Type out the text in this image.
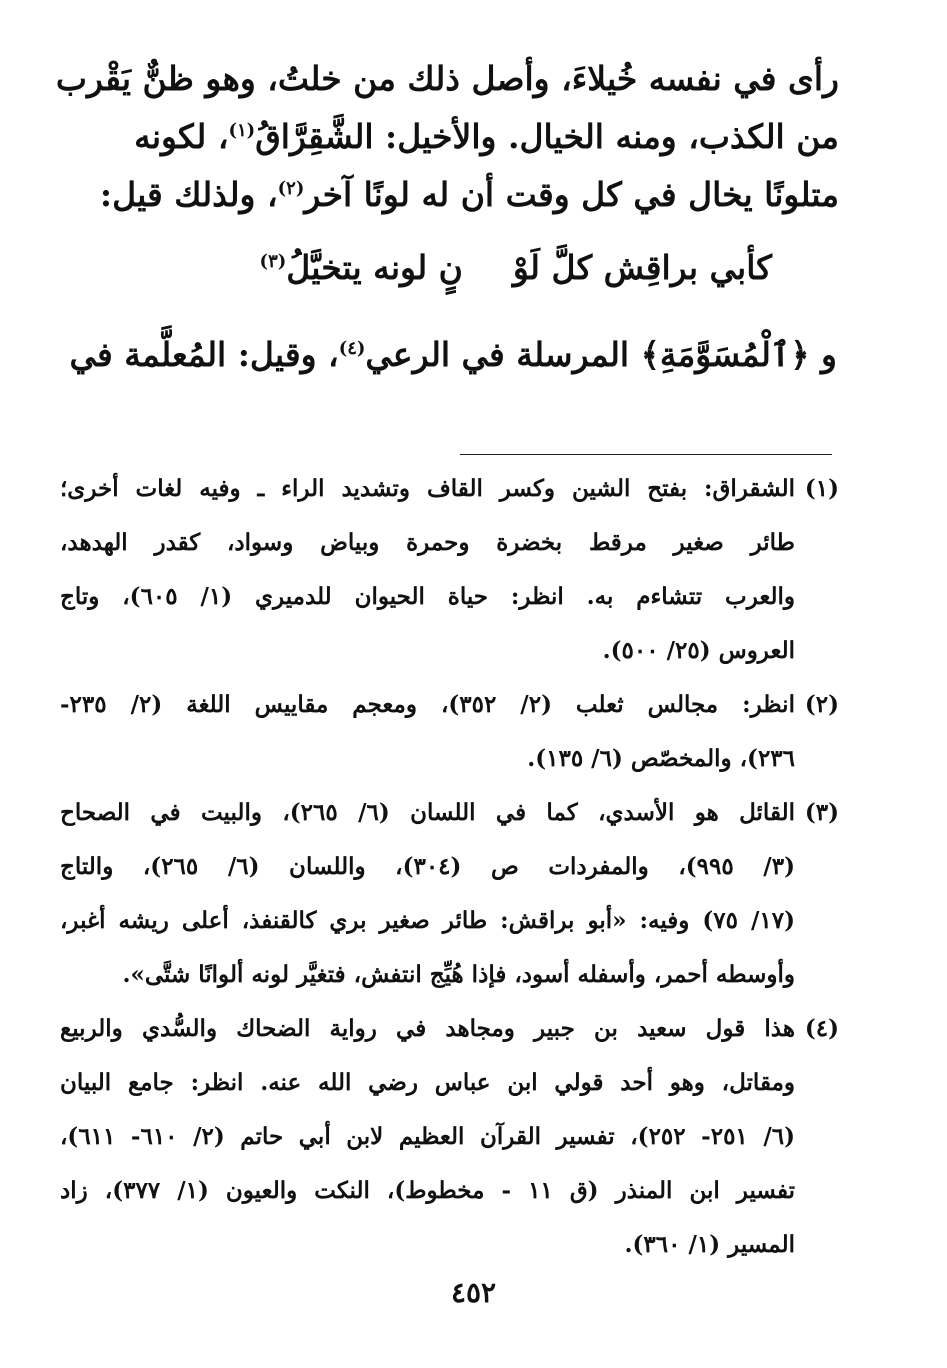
رأى في نفسه خُيلاءَ، وأصل ذلك من خلتُ، وهو ظنٌّ يَقْرب
من الكذب، ومنه الخيال. والأخيل: الشَّقِرَّاقُ$^{(١)}$، لكونه
متلونًا يخال في كل وقت أن له لونًا آخر$^{(٢)}$، ولذلك قيل:
كأبي براقِش كلَّ لَوْنٍ لونه يتخيَّلُ$^{(٣)}$
و ﴿ٱلْمُسَوَّمَةِ﴾ المرسلة في الرعي$^{(٤)}$، وقيل: المُعلَّمة في
(١)
الشقراق: بفتح الشين وكسر القاف وتشديد الراء ـ وفيه لغات أخرى؛
طائر صغير مرقط بخضرة وحمرة وبياض وسواد، كقدر الهدهد،
والعرب تتشاءم به. انظر: حياة الحيوان للدميري (١/ ٦٠٥)، وتاج
العروس (٢٥/ ٥٠٠).
(٢)
انظر: مجالس ثعلب (٢/ ٣٥٢)، ومعجم مقاييس اللغة (٢/ ٢٣٥-
٢٣٦)، والمخصّص (٦/ ١٣٥).
(٣)
القائل هو الأسدي، كما في اللسان (٦/ ٢٦٥)، والبيت في الصحاح
(٣/ ٩٩٥)، والمفردات ص (٣٠٤)، واللسان (٦/ ٢٦٥)، والتاج
(١٧/ ٧٥) وفيه: «أبو براقش: طائر صغير بري كالقنفذ، أعلى ريشه أغبر،
وأوسطه أحمر، وأسفله أسود، فإذا هُيِّج انتفش، فتغيَّر لونه ألوانًا شتَّى».
(٤)
هذا قول سعيد بن جبير ومجاهد في رواية الضحاك والسُّدي والربيع
ومقاتل، وهو أحد قولي ابن عباس رضي الله عنه. انظر: جامع البيان
(٦/ ٢٥١- ٢٥٢)، تفسير القرآن العظيم لابن أبي حاتم (٢/ ٦١٠- ٦١١)،
تفسير ابن المنذر (ق ١١ - مخطوط)، النكت والعيون (١/ ٣٧٧)، زاد
المسير (١/ ٣٦٠).
٤٥٢
